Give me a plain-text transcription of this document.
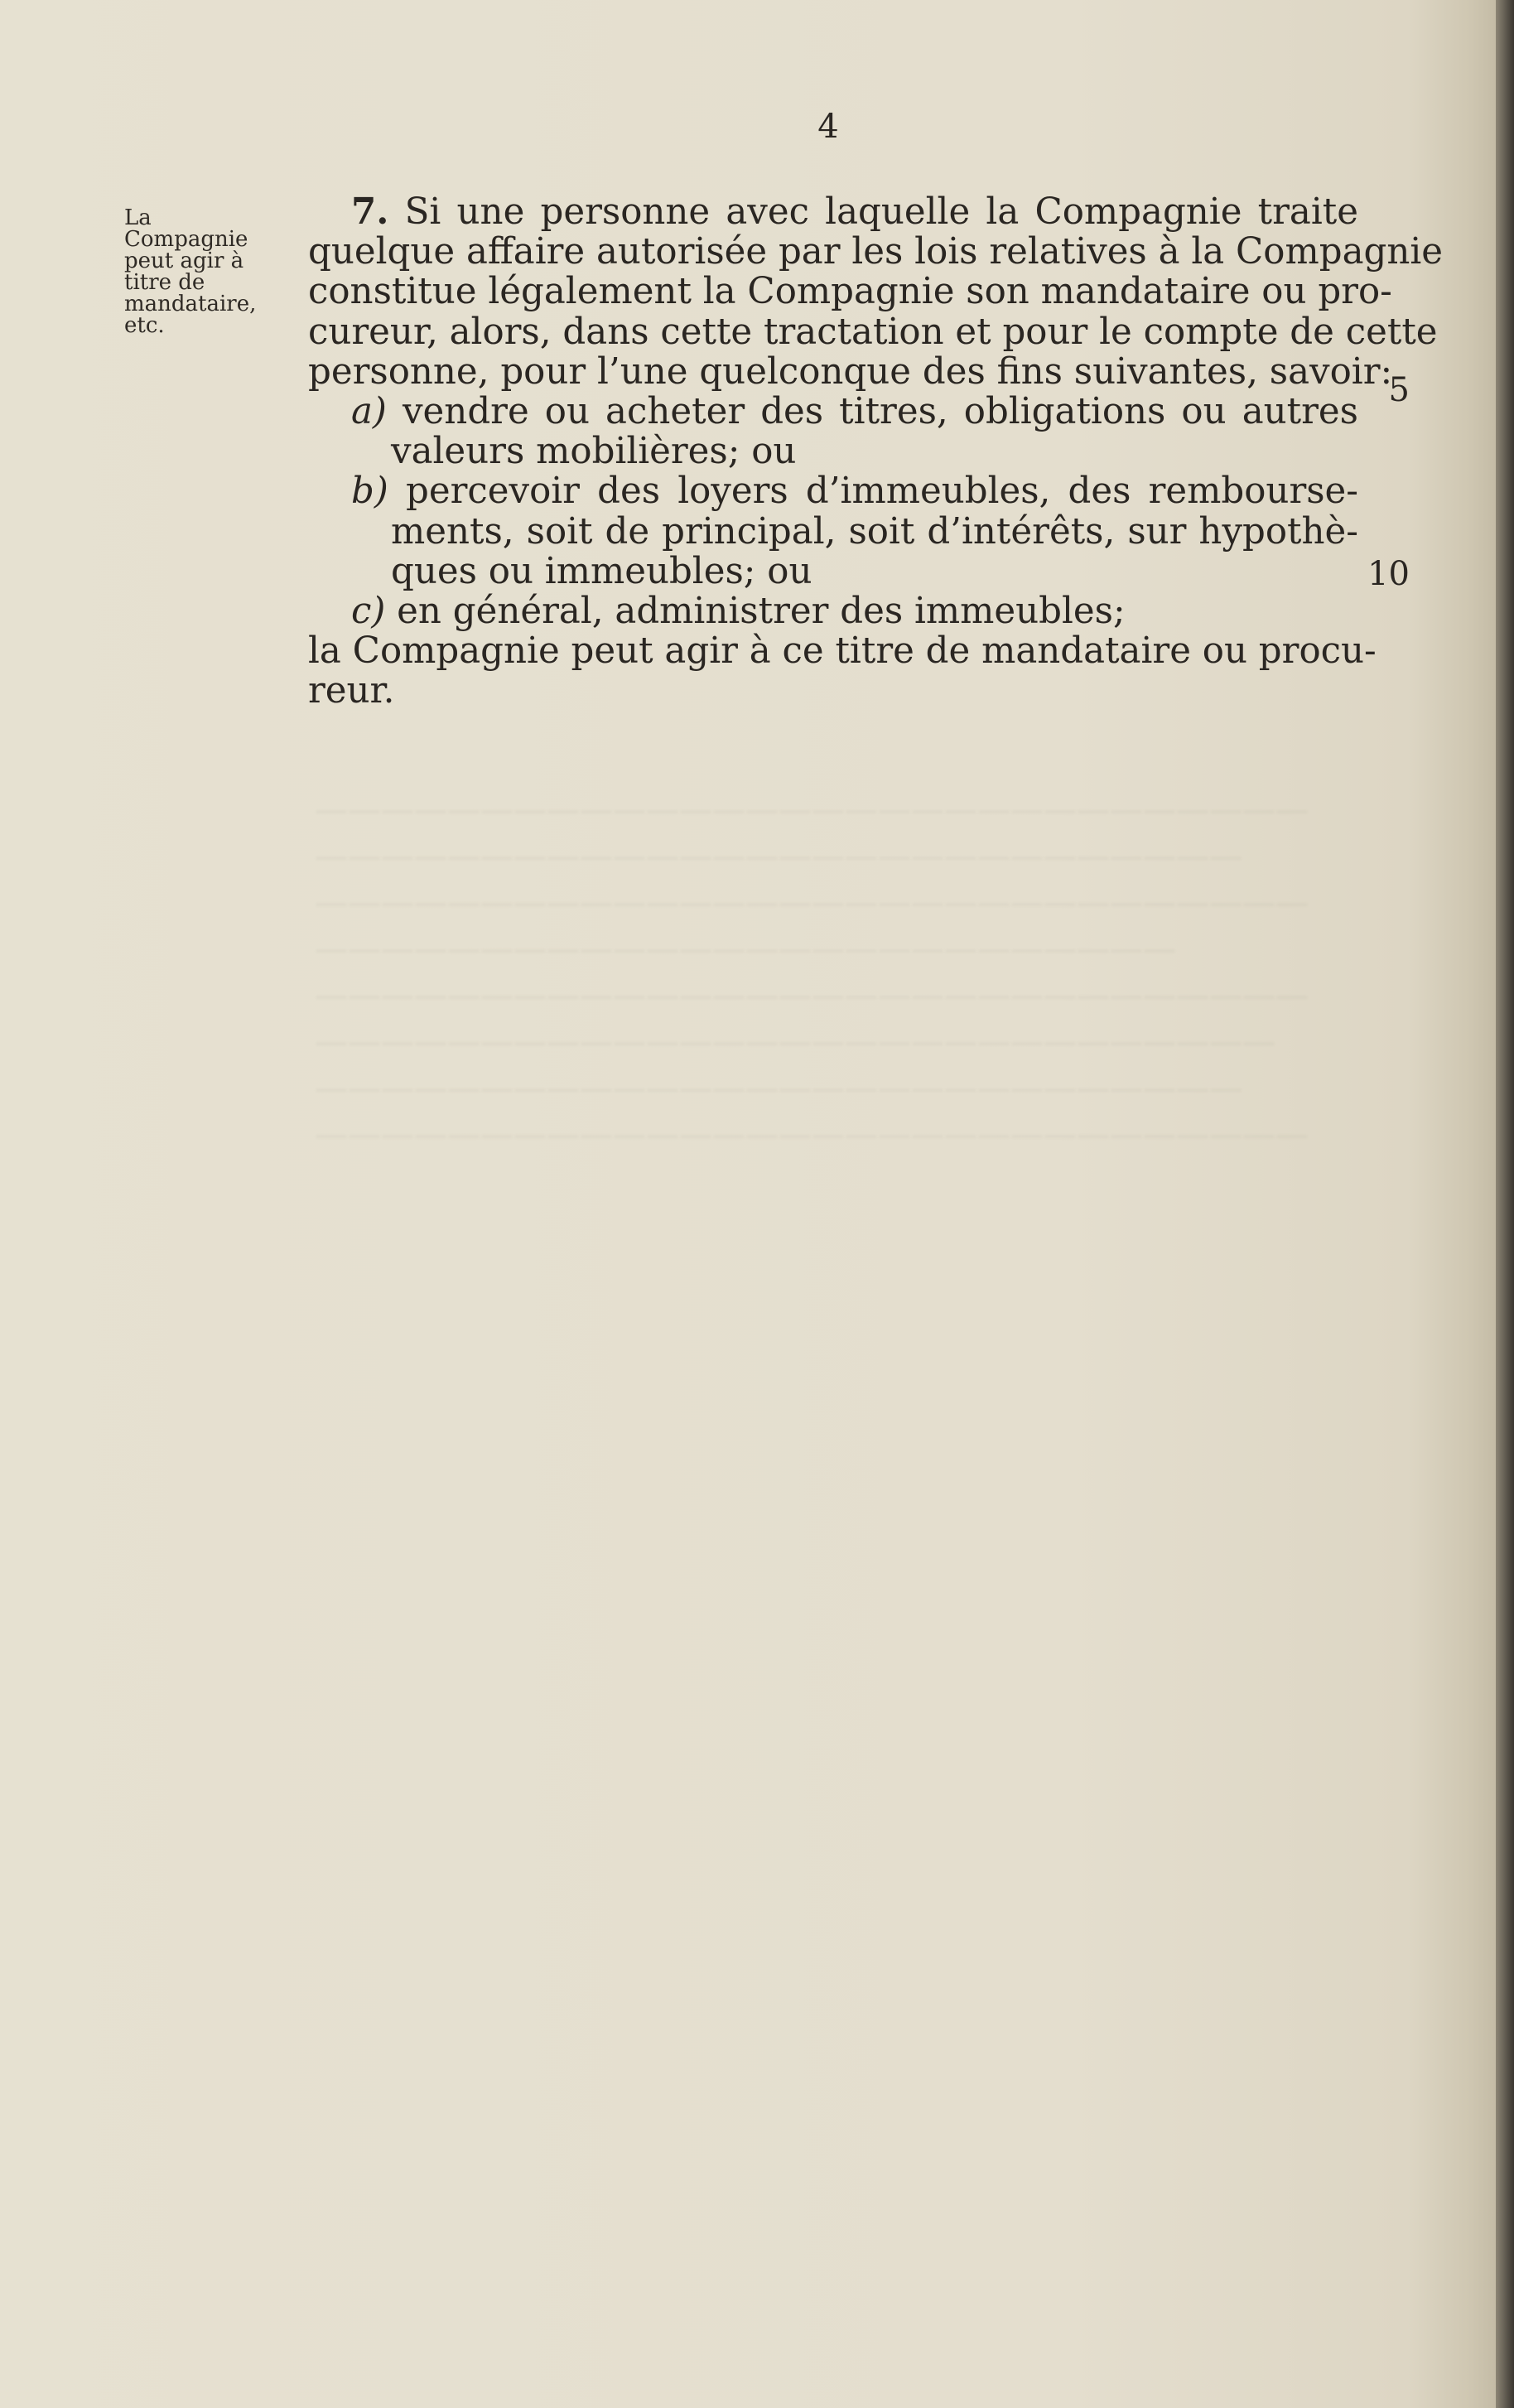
——————————————————————————————
————————————————————————————
——————————————————————————————
——————————————————————————
——————————————————————————————
—————————————————————————————
————————————————————————————
——————————————————————————————
4
La
Compagnie
peut agir à
titre de
mandataire,
etc.
7. Si une personne avec laquelle la Compagnie traite
quelque affaire autorisée par les lois relatives à la Compagnie
constitue légalement la Compagnie son mandataire ou pro-
cureur, alors, dans cette tractation et pour le compte de cette
personne, pour l’une quelconque des fins suivantes, savoir:
a) vendre ou acheter des titres, obligations ou autres
valeurs mobilières; ou
b) percevoir des loyers d’immeubles, des rembourse-
ments, soit de principal, soit d’intérêts, sur hypothè-
ques ou immeubles; ou
c) en général, administrer des immeubles;
la Compagnie peut agir à ce titre de mandataire ou procu-
reur.
5
10
